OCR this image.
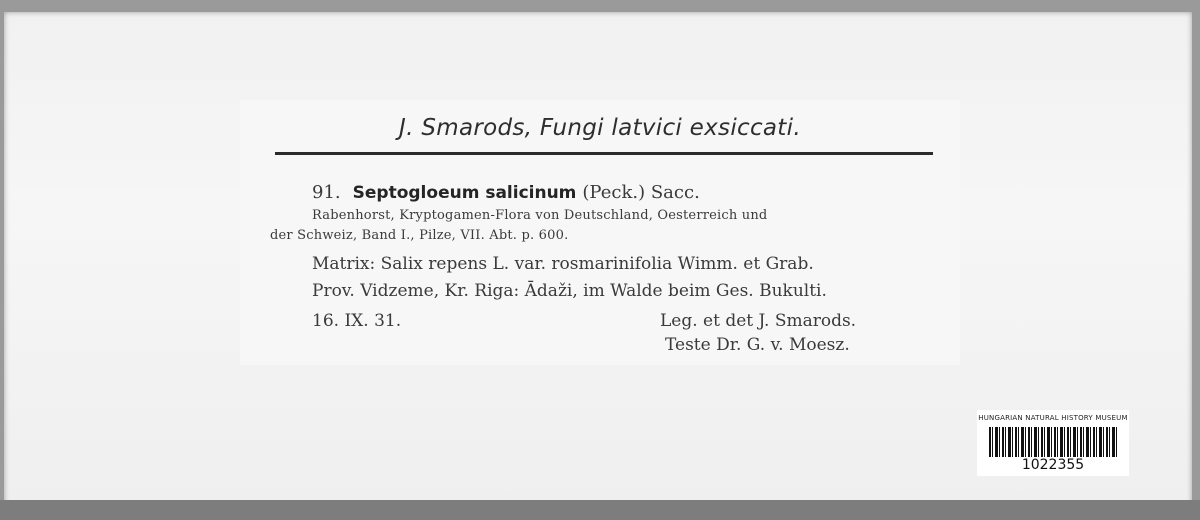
J. Smarods, Fungi latvici exsiccati.
91. Septogloeum salicinum (Peck.) Sacc.
Rabenhorst, Kryptogamen-Flora von Deutschland, Oesterreich und
der Schweiz, Band I., Pilze, VII. Abt. p. 600.
Matrix: Salix repens L. var. rosmarinifolia Wimm. et Grab.
Prov. Vidzeme, Kr. Riga: Ādaži, im Walde beim Ges. Bukulti.
16. IX. 31.	Leg. et det J. Smarods.
Teste Dr. G. v. Moesz.
HUNGARIAN NATURAL HISTORY MUSEUM
1022355
